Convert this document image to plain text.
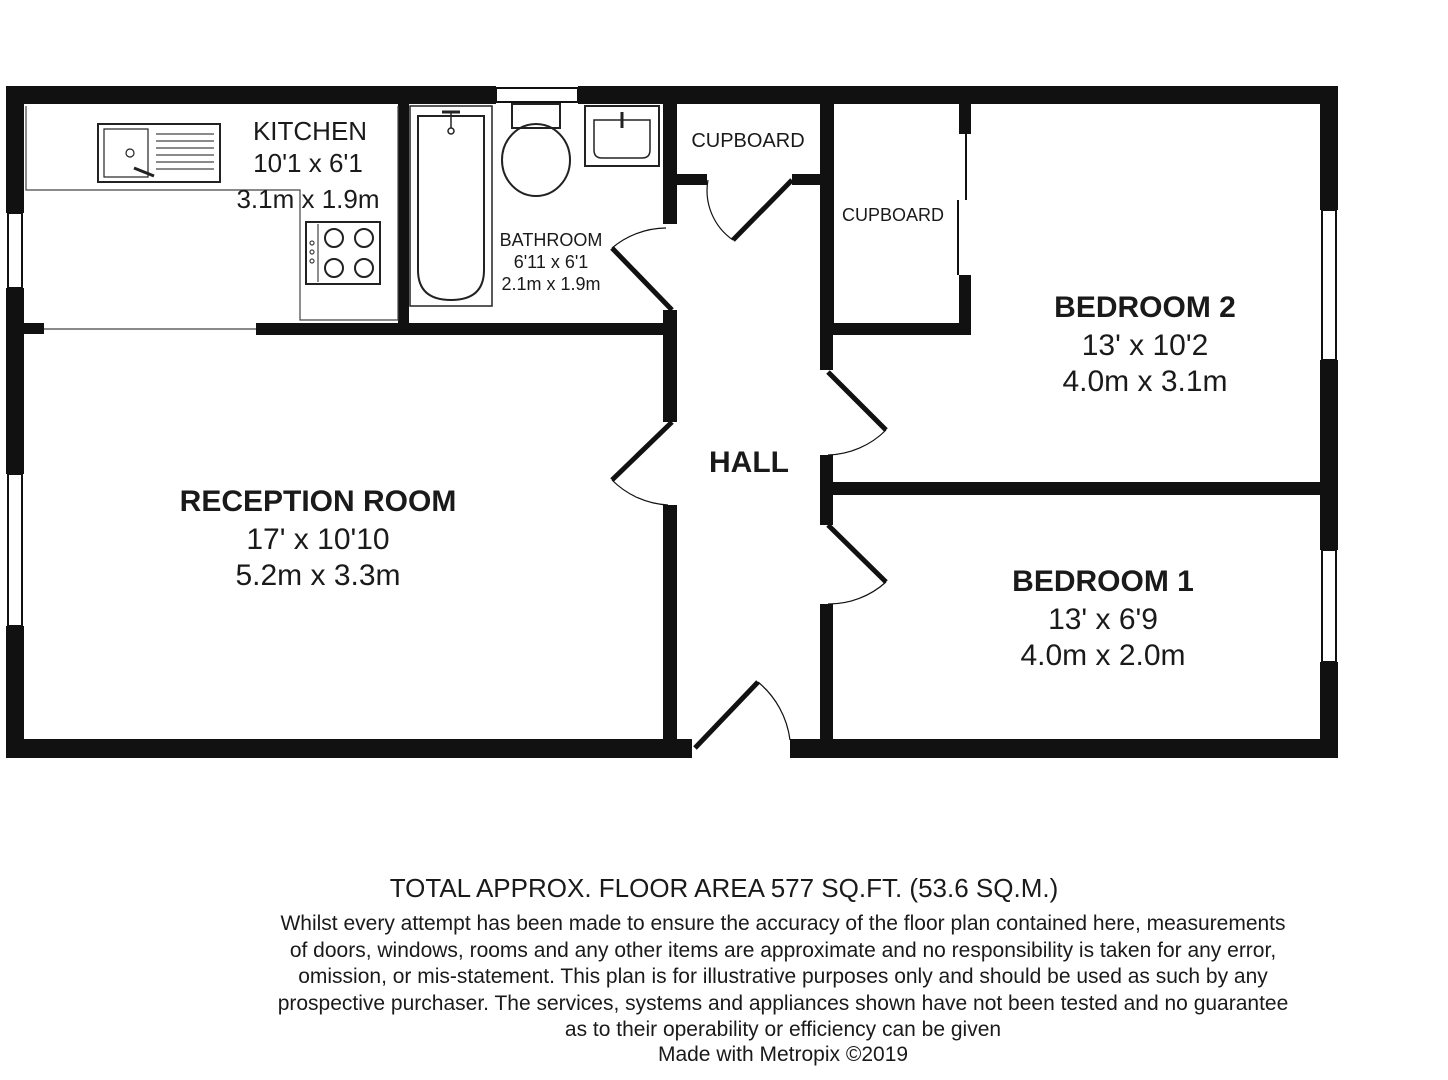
KITCHEN
10'1 x 6'1
3.1m x 1.9m
BATHROOM
6'11 x 6'1
2.1m x 1.9m
CUPBOARD
CUPBOARD
BEDROOM 2
13' x 10'2
4.0m x 3.1m
HALL
RECEPTION ROOM
17' x 10'10
5.2m x 3.3m	BEDROOM 1
13' x 6'9
4.0m x 2.0m
TOTAL APPROX. FLOOR AREA 577 SQ.FT. (53.6 SQ.M.)
Whilst every attempt has been made to ensure the accuracy of the floor plan contained here, measurements
of doors, windows, rooms and any other items are approximate and no responsibility is taken for any error,
omission, or mis-statement. This plan is for illustrative purposes only and should be used as such by any
prospective purchaser. The services, systems and appliances shown have not been tested and no guarantee
as to their operability or efficiency can be given
Made with Metropix ©2019
